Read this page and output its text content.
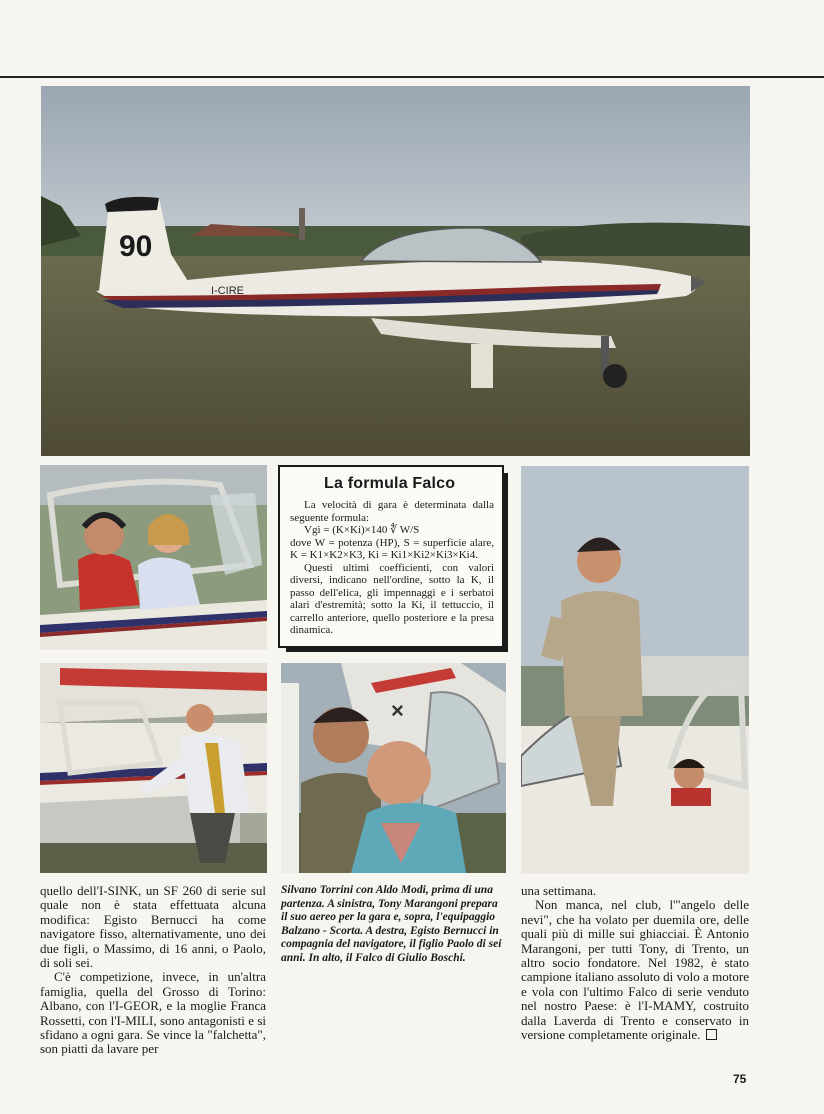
90
I-CIRE
La formula Falco

La velocità di gara è determinata dalla seguente formula:

Vgi = (K×Ki)×140 ∜ W/S

dove W = potenza (HP), S = superficie alare, K = K1×K2×K3, Ki = Ki1×Ki2×Ki3×Ki4.

Questi ultimi coefficienti, con valori diversi, indicano nell'ordine, sotto la K, il passo dell'elica, gli impennaggi e i serbatoi alari d'estremità; sotto la Ki, il tettuccio, il carrello anteriore, quello posteriore e la presa dinamica.

×

quello dell'I-SINK, un SF 260 di serie sul quale non è stata effettuata alcuna modifica: Egisto Bernucci ha come navigatore fisso, alternativamente, uno dei due figli, o Massimo, di 16 anni, o Paolo, di soli sei.

C'è competizione, invece, in un'altra famiglia, quella del Grosso di Torino: Albano, con l'I-GEOR, e la moglie Franca Rossetti, con l'I-MILI, sono antagonisti e si sfidano a ogni gara. Se vince la "falchetta", son piatti da lavare per

Silvano Torrini con Aldo Modi, prima di una partenza. A sinistra, Tony Marangoni prepara il suo aereo per la gara e, sopra, l'equipaggio Balzano - Scorta. A destra, Egisto Bernucci in compagnia del navigatore, il figlio Paolo di sei anni. In alto, il Falco di Giulio Boschi.

una settimana.

Non manca, nel club, l'"angelo delle nevi", che ha volato per duemila ore, delle quali più di mille sui ghiacciai. È Antonio Marangoni, per tutti Tony, di Trento, un altro socio fondatore. Nel 1982, è stato campione italiano assoluto di volo a motore e vola con l'ultimo Falco di serie venduto nel nostro Paese: è l'I-MAMY, costruito dalla Laverda di Trento e conservato in versione completamente originale.

75
